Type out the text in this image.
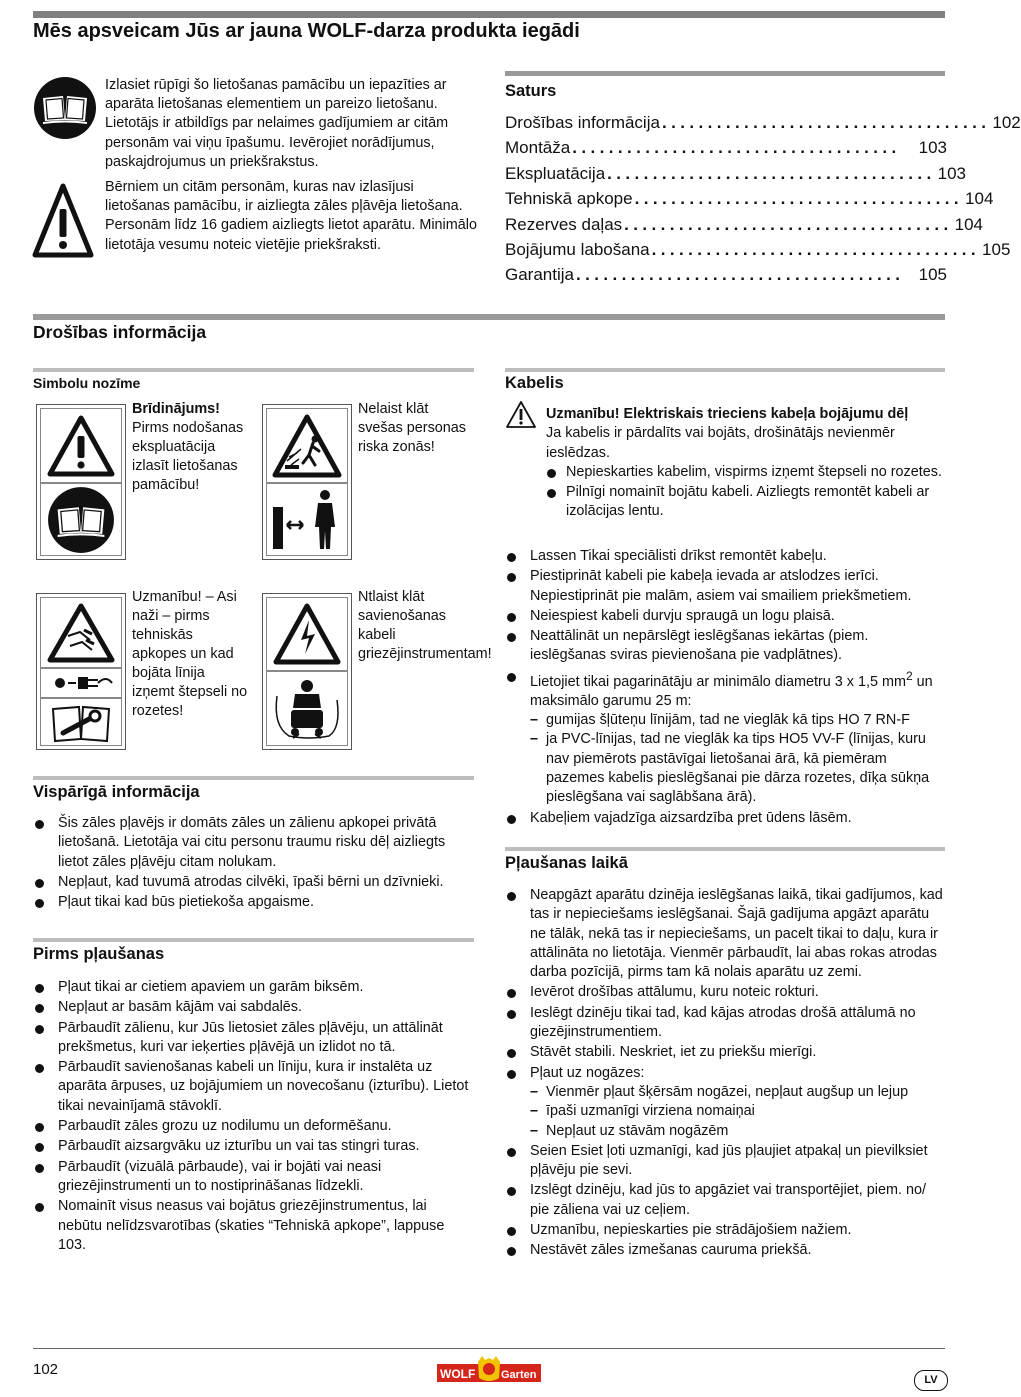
Mēs apsveicam Jūs ar jauna WOLF-darza produkta iegādi

Izlasiet rūpīgi šo lietošanas pamācību un iepazīties ar aparāta lietošanas elementiem un pareizo lietošanu. Lietotājs ir atbildīgs par nelaimes gadījumiem ar citām personām vai viņu īpašumu. Ievērojiet norādījumus, paskajdrojumus un priekšrakstus.

Bērniem un citām personām, kuras nav izlasījusi lietošanas pamācību, ir aizliegta zāles pļāvēja lietošana. Personām līdz 16 gadiem aizliegts lietot aparātu. Minimālo lietotāja vesumu noteic vietējie priekšraksti.

Saturs
Drošības informācija .................................... 102
Montāža ....................................	103
Ekspluatācija .................................... 103
Tehniskā apkope .................................... 104
Rezerves daļas .................................... 104
Bojājumu labošana .................................... 105
Garantija .................................... 105
Drošības informācija
Simbolu nozīme
Brīdinājums!
Pirms nodošanas ekspluatācija izlasīt lietošanas pamācību!

Nelaist klāt svešas personas riska zonās!

Uzmanību! – Asi naži – pirms tehniskās apkopes un kad bojāta līnija izņemt štepseli no rozetes!

Ntlaist klāt savienošanas kabeli griezējinstrumentam!

Vispārīgā informācija
Šis zāles pļavējs ir domāts zāles un zālienu apkopei privātā lietošanā. Lietotāja vai citu personu traumu risku dēļ aizliegts lietot zāles pļāvēju citam nolukam.
Nepļaut, kad tuvumā atrodas cilvēki, īpaši bērni un dzīvnieki.
Pļaut tikai kad būs pietiekoša apgaisme.
Pirms pļaušanas
Pļaut tikai ar cietiem apaviem un garām biksēm.
Nepļaut ar basām kājām vai sabdalēs.
Pārbaudīt zālienu, kur Jūs lietosiet zāles pļāvēju, un attālināt prekšmetus, kuri var ieķerties pļāvējā un izlidot no tā.
Pārbaudīt savienošanas kabeli un līniju, kura ir instalēta uz aparāta ārpuses, uz bojājumiem un novecošanu (izturību). Lietot tikai nevainījamā stāvoklī.
Parbaudīt zāles grozu uz nodilumu un deformēšanu.
Pārbaudīt aizsargvāku uz izturību un vai tas stingri turas.
Pārbaudīt (vizuālā pārbaude), vai ir bojāti vai neasi griezējinstrumenti un to nostiprināšanas līdzekli.
Nomainīt visus neasus vai bojātus griezējinstrumentus, lai nebūtu nelīdzsvarotības (skaties “Tehniskā apkope”, lappuse 103.
Kabelis
Uzmanību! Elektriskais trieciens kabeļa bojājumu dēļ
Ja kabelis ir pārdalīts vai bojāts, drošinātājs nevienmēr ieslēdzas.
Nepieskarties kabelim, vispirms izņemt štepseli no rozetes.
Pilnīgi nomainīt bojātu kabeli. Aizliegts remontēt kabeli ar izolācijas lentu.
Lassen Tikai speciālisti drīkst remontēt kabeļu.
Piestiprināt kabeli pie kabeļa ievada ar atslodzes ierīci. Nepiestiprināt pie malām, asiem vai smailiem priekšmetiem.
Neiespiest kabeli durvju spraugā un logu plaisā.
Neattālināt un nepārslēgt ieslēgšanas iekārtas (piem. ieslēgšanas sviras pievienošana pie vadplātnes).
Lietojiet tikai pagarinātāju ar minimālo diametru 3 x 1,5 $mm^2$ un maksimālo garumu 25 m:
– gumijas šļūteņu līnijām, tad ne vieglāk kā tips HO 7 RN-F
– ja PVC-līnijas, tad ne vieglāk ka tips HO5 VV-F (līnijas, kuru nav piemērots pastāvīgai lietošanai ārā, kā piemēram pazemes kabelis pieslēgšanai pie dārza rozetes, dīķa sūkņa pieslēgšana vai saglābšana ārā).
Kabeļiem vajadzīga aizsardzība pret ūdens lāsēm.
Pļaušanas laikā
Neapgāzt aparātu dzinēja ieslēgšanas laikā, tikai gadījumos, kad tas ir nepieciešams ieslēgšanai. Šajā gadījuma apgāzt aparātu ne tālāk, nekā tas ir nepieciešams, un pacelt tikai to daļu, kura ir attālināta no lietotāja. Vienmēr pārbaudīt, lai abas rokas atrodas darba pozīcijā, pirms tam kā nolais aparātu uz zemi.
Ievērot drošības attālumu, kuru noteic rokturi.
Ieslēgt dzinēju tikai tad, kad kājas atrodas drošā attālumā no giezējinstrumentiem.
Stāvēt stabili. Neskriet, iet zu priekšu mierīgi.
Pļaut uz nogāzes:
– Vienmēr pļaut šķērsām nogāzei, nepļaut augšup un lejup
– īpaši uzmanīgi virziena nomaiņai
– Nepļaut uz stāvām nogāzēm
Seien Esiet ļoti uzmanīgi, kad jūs pļaujiet atpakaļ un pievilksiet pļāvēju pie sevi.
Izslēgt dzinēju, kad jūs to apgāziet vai transportējiet, piem. no/ pie zāliena vai uz ceļiem.
Uzmanību, nepieskarties pie strādājošiem nažiem.
Nestāvēt zāles izmešanas cauruma priekšā.
102	WOLF Garten	LV
